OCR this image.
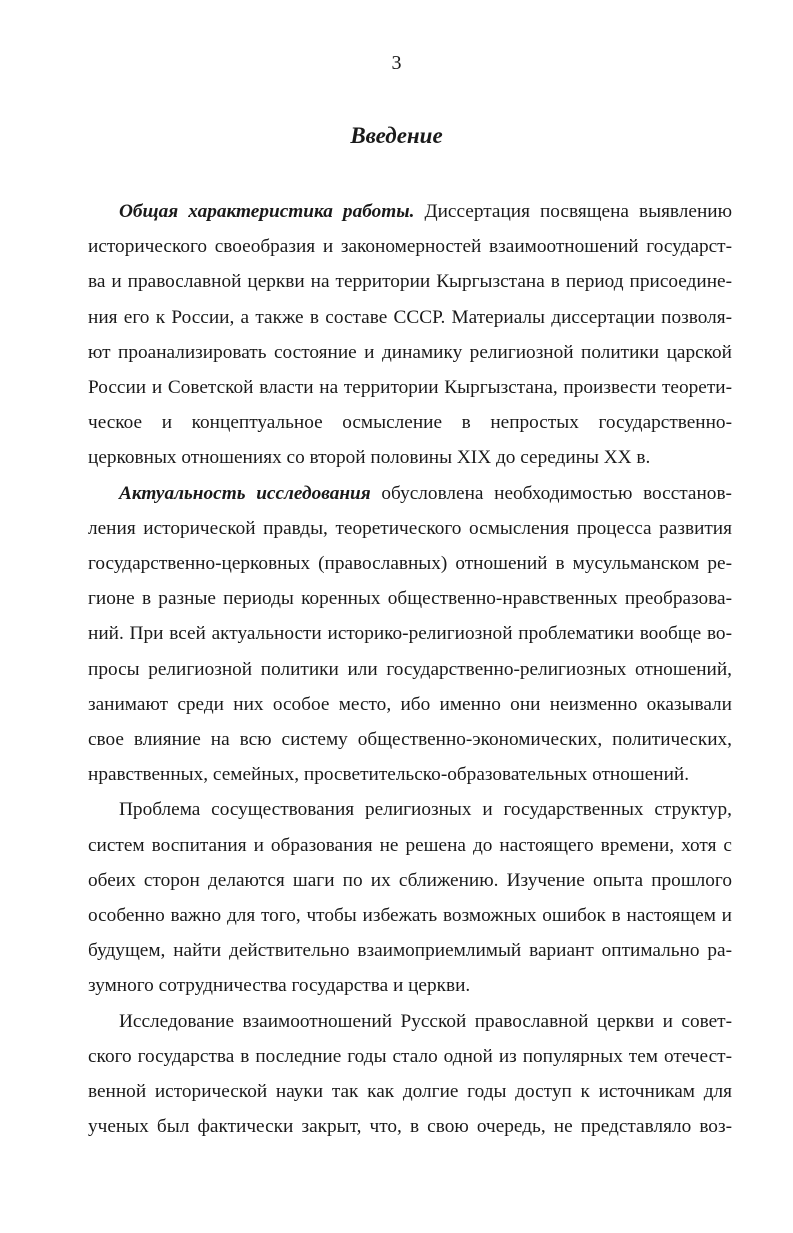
3
Введение
Общая характеристика работы. Диссертация посвящена выявлению
исторического своеобразия и закономерностей взаимоотношений государст-
ва и православной церкви на территории Кыргызстана в период присоедине-
ния его к России, а также в составе СССР. Материалы диссертации позволя-
ют проанализировать состояние и динамику религиозной политики царской
России и Советской власти на территории Кыргызстана, произвести теорети-
ческое и концептуальное осмысление в непростых государственно-
церковных отношениях со второй половины XIX до середины XX в.
Актуальность исследования обусловлена необходимостью восстанов-
ления исторической правды, теоретического осмысления процесса развития
государственно-церковных (православных) отношений в мусульманском ре-
гионе в разные периоды коренных общественно-нравственных преобразова-
ний. При всей актуальности историко-религиозной проблематики вообще во-
просы религиозной политики или государственно-религиозных отношений,
занимают среди них особое место, ибо именно они неизменно оказывали
свое влияние на всю систему общественно-экономических, политических,
нравственных, семейных, просветительско-образовательных отношений.
Проблема сосуществования религиозных и государственных структур,
систем воспитания и образования не решена до настоящего времени, хотя с
обеих сторон делаются шаги по их сближению. Изучение опыта прошлого
особенно важно для того, чтобы избежать возможных ошибок в настоящем и
будущем, найти действительно взаимоприемлимый вариант оптимально ра-
зумного сотрудничества государства и церкви.
Исследование взаимоотношений Русской православной церкви и совет-
ского государства в последние годы стало одной из популярных тем отечест-
венной исторической науки так как долгие годы доступ к источникам для
ученых был фактически закрыт, что, в свою очередь, не представляло воз-
